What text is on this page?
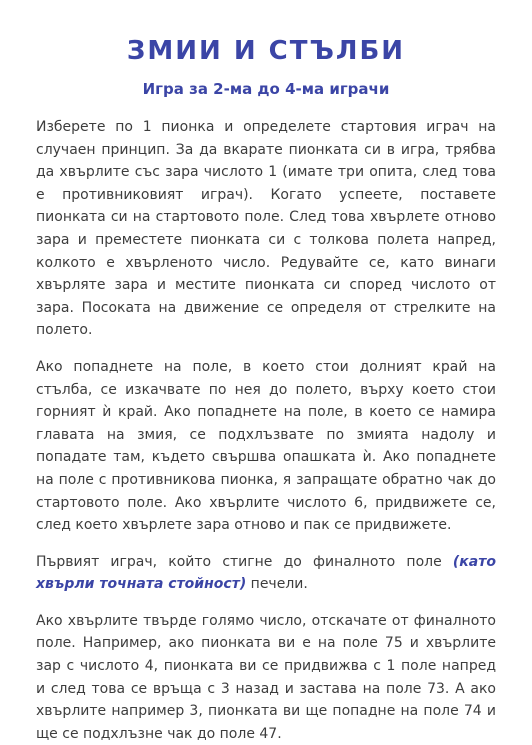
ЗМИИ И СТЪЛБИ
Игра за 2-ма до 4-ма играчи

Изберете по 1 пионка и определете стартовия играч на случаен принцип. За да вкарате пионката си в игра, трябва да хвърлите със зара числото 1 (имате три опита, след това е противниковият играч). Когато успеете, поставете пионката си на стартовото поле. След това хвърлете отново зара и преместете пионката си с толкова полета напред, колкото е хвърленото число. Редувайте се, като винаги хвърляте зара и местите пионката си според числото от зара. Посоката на движение се определя от стрелките на полето.

Ако попаднете на поле, в което стои долният край на стълба, се изкачвате по нея до полето, върху което стои горният ѝ край. Ако попаднете на поле, в което се намира главата на змия, се подхлъзвате по змията надолу и попадате там, където свършва опашката ѝ. Ако попаднете на поле с противникова пионка, я запращате обратно чак до стартовото поле. Ако хвърлите числото 6, придвижете се, след което хвърлете зара отново и пак се придвижете.

Първият играч, който стигне до финалното поле (като хвърли точната стойност) печели.

Ако хвърлите твърде голямо число, отскачате от финалното поле. Например, ако пионката ви е на поле 75 и хвърлите зар с числото 4, пионката ви се придвижва с 1 поле напред и след това се връща с 3 назад и застава на поле 73. А ако хвърлите например 3, пионката ви ще попадне на поле 74 и ще се подхлъзне чак до поле 47.
